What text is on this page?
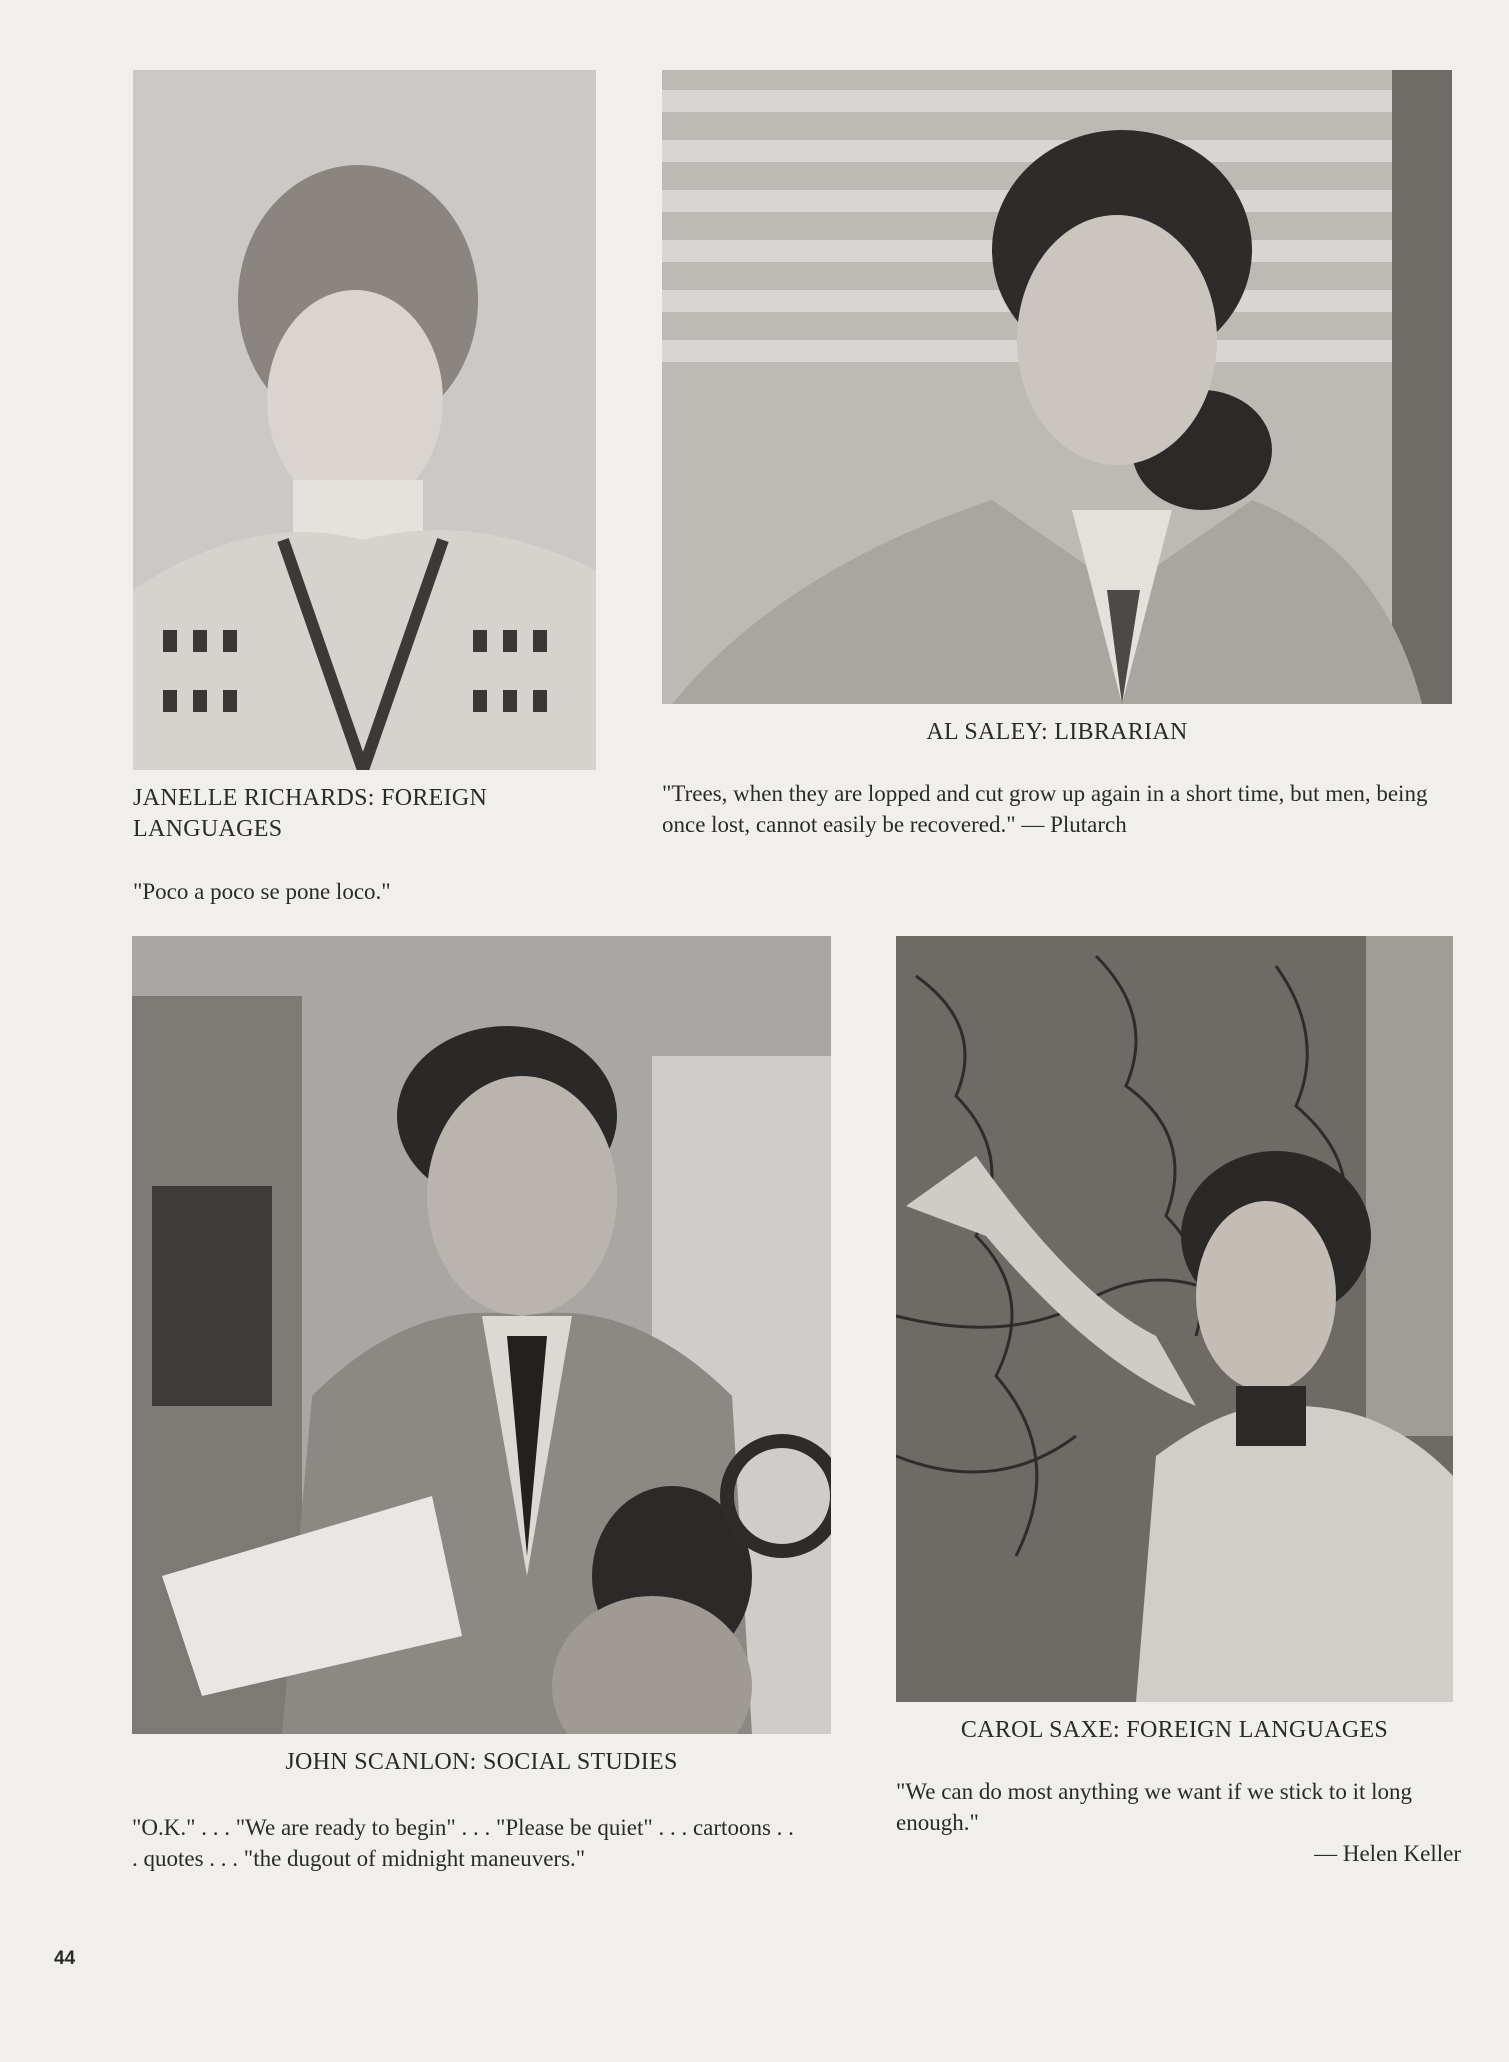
JANELLE RICHARDS: FOREIGN LANGUAGES
AL SALEY: LIBRARIAN
"Trees, when they are lopped and cut grow up again in a short time, but men, being once lost, cannot easily be recovered." — Plutarch
"Poco a poco se pone loco."
JOHN SCANLON: SOCIAL STUDIES
CAROL SAXE: FOREIGN LANGUAGES
"We can do most anything we want if we stick to it long enough."
— Helen Keller
"O.K." . . . "We are ready to begin" . . . "Please be quiet" . . . cartoons . . . quotes . . . "the dugout of midnight maneuvers."
44
